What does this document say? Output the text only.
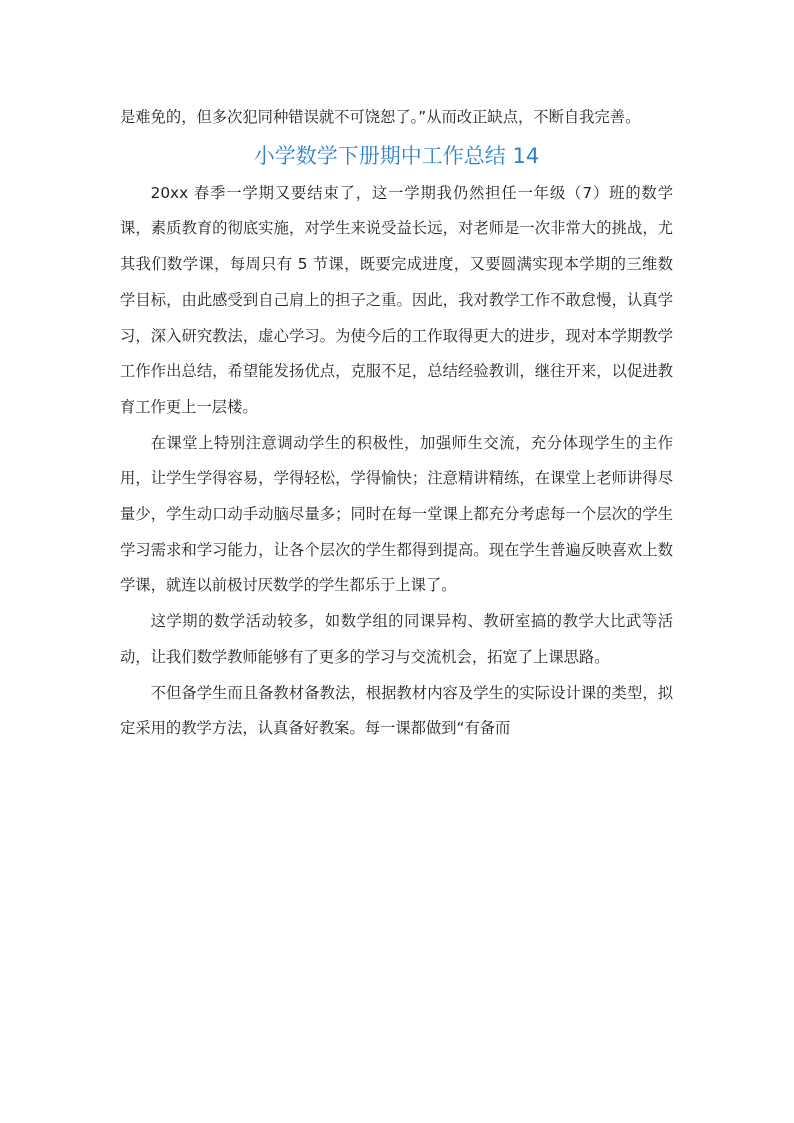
是难免的，但多次犯同种错误就不可饶恕了。”从而改正缺点，不断自我完善。

小学数学下册期中工作总结 14

20xx 春季一学期又要结束了，这一学期我仍然担任一年级（7）班的数学课，素质教育的彻底实施，对学生来说受益长远，对老师是一次非常大的挑战，尤其我们数学课，每周只有 5 节课，既要完成进度，又要圆满实现本学期的三维数学目标，由此感受到自己肩上的担子之重。因此，我对教学工作不敢怠慢，认真学习，深入研究教法，虚心学习。为使今后的工作取得更大的进步，现对本学期教学工作作出总结，希望能发扬优点，克服不足，总结经验教训，继往开来，以促进教育工作更上一层楼。

在课堂上特别注意调动学生的积极性，加强师生交流，充分体现学生的主作用，让学生学得容易，学得轻松，学得愉快；注意精讲精练，在课堂上老师讲得尽量少，学生动口动手动脑尽量多；同时在每一堂课上都充分考虑每一个层次的学生学习需求和学习能力，让各个层次的学生都得到提高。现在学生普遍反映喜欢上数学课，就连以前极讨厌数学的学生都乐于上课了。

这学期的数学活动较多，如数学组的同课异构、教研室搞的教学大比武等活动，让我们数学教师能够有了更多的学习与交流机会，拓宽了上课思路。

不但备学生而且备教材备教法，根据教材内容及学生的实际设计课的类型，拟定采用的教学方法，认真备好教案。每一课都做到“有备而
